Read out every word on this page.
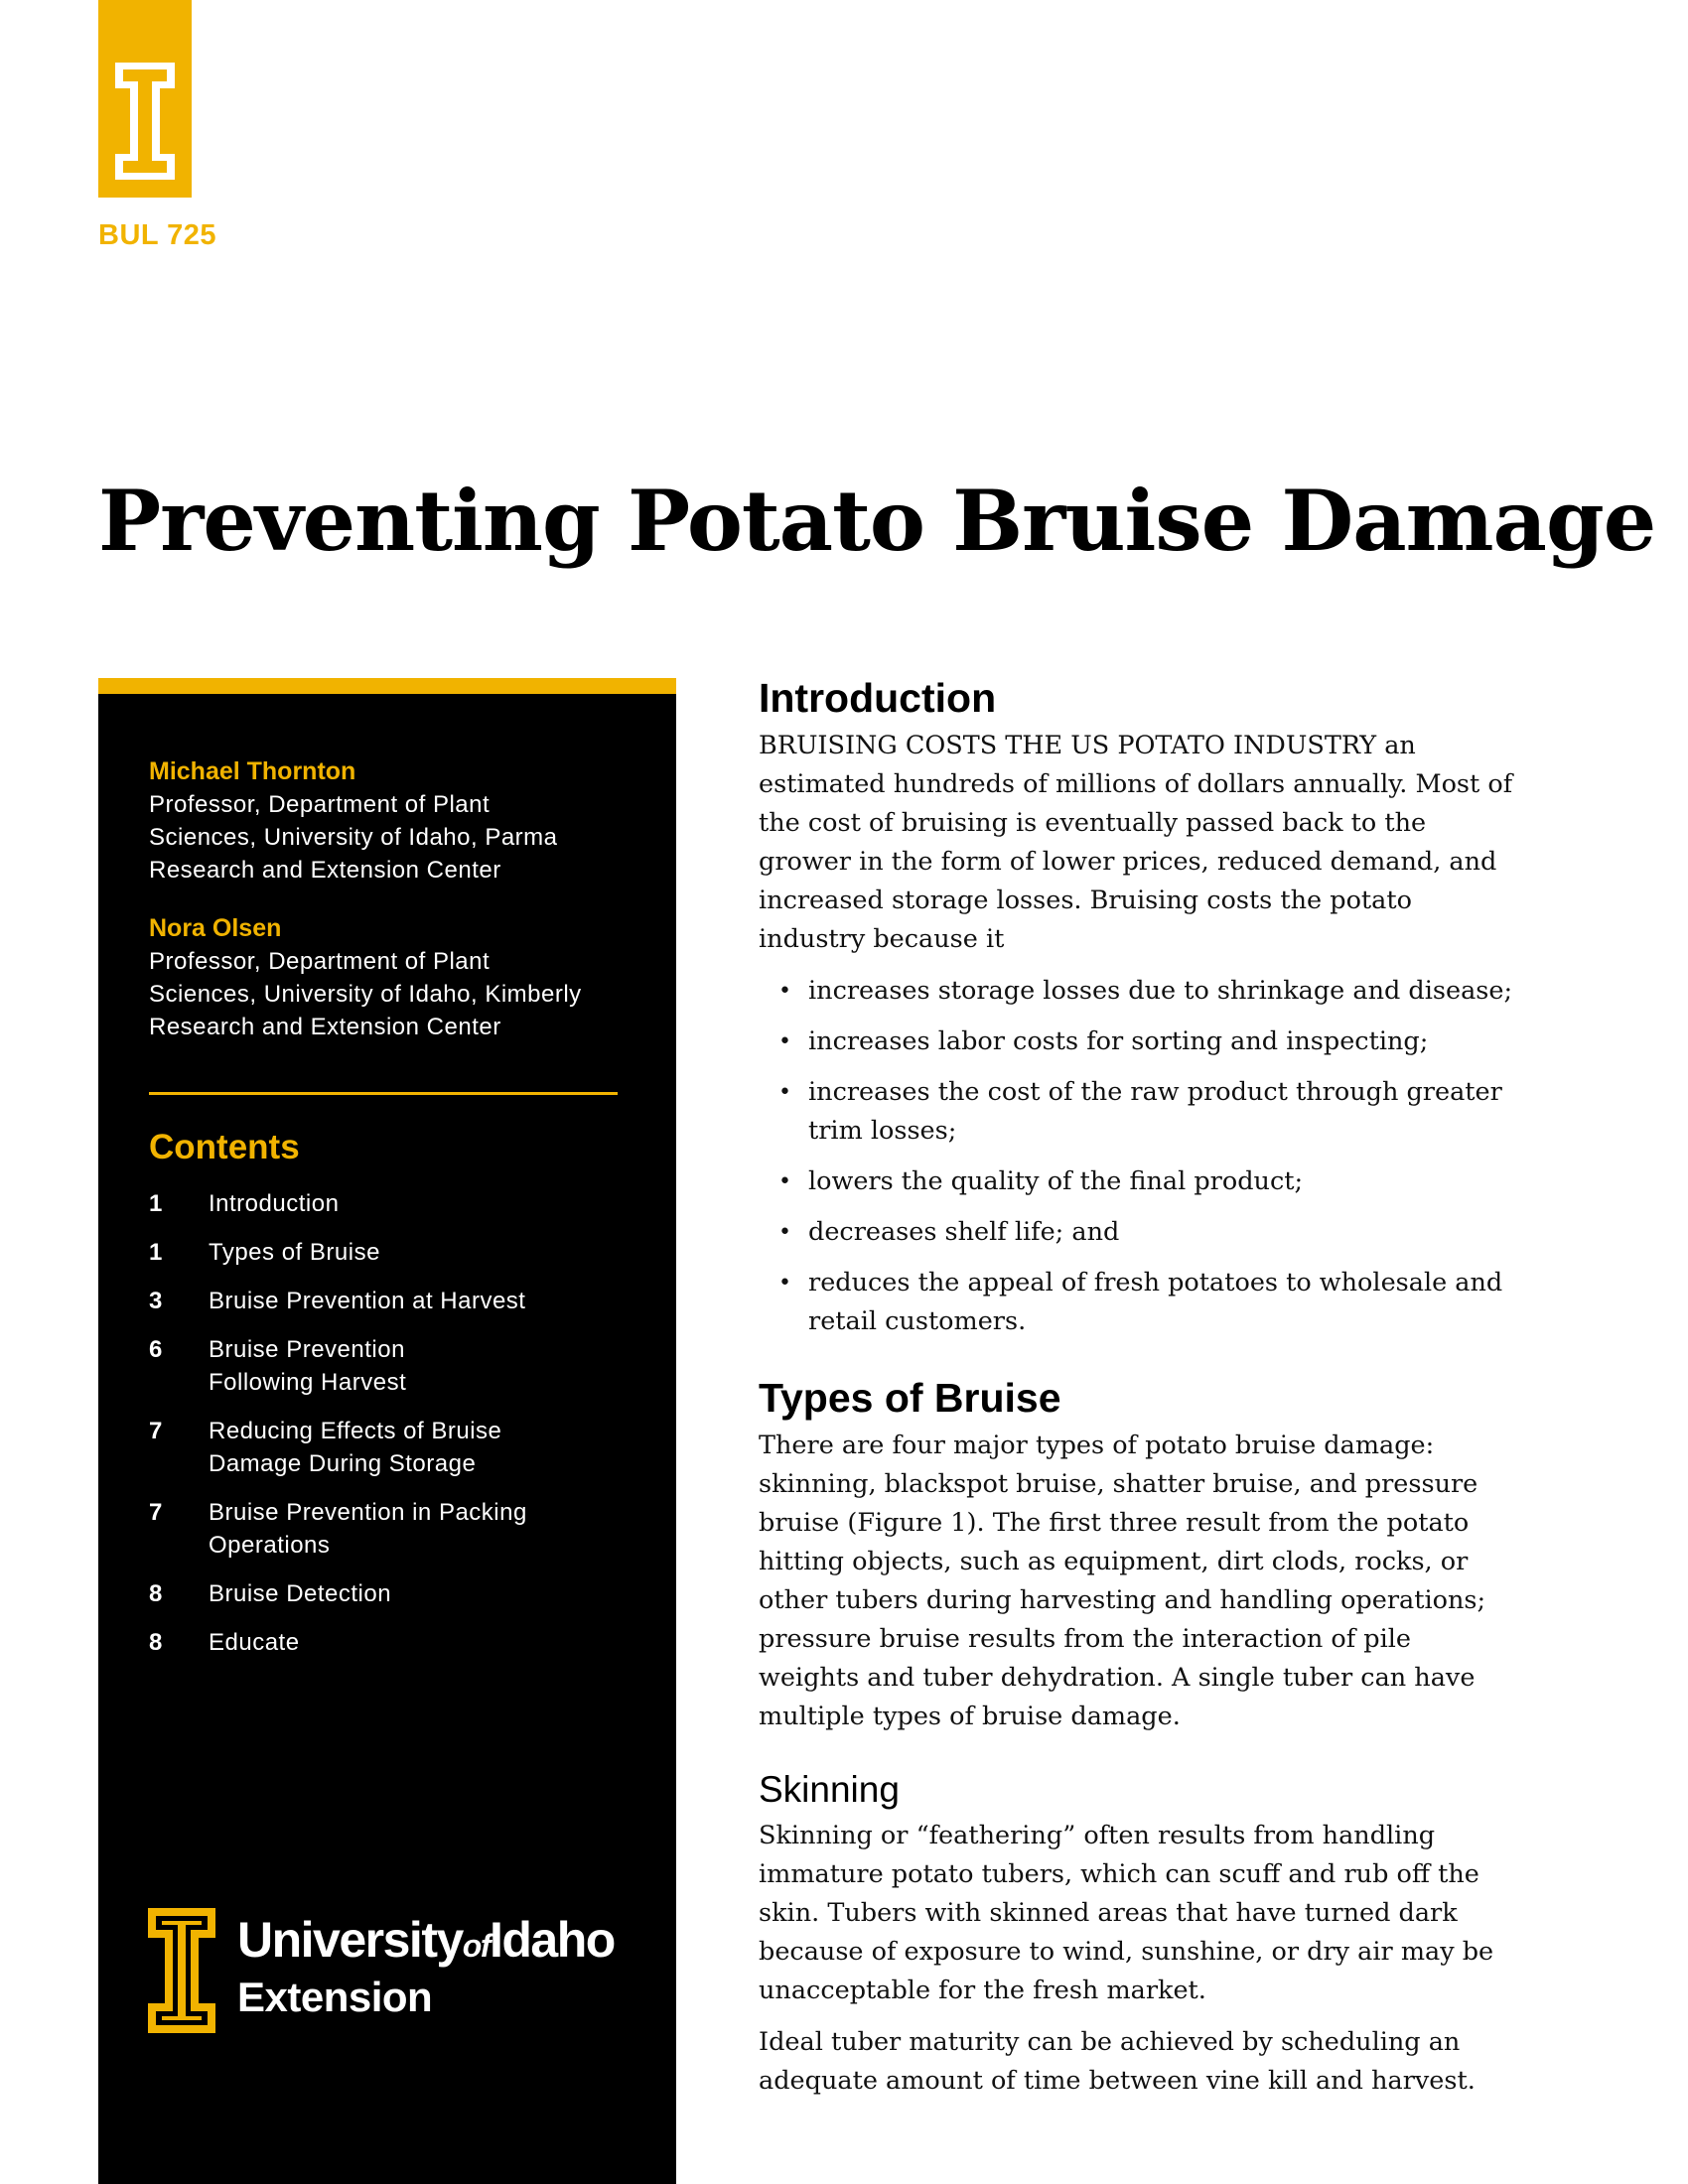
BUL 725
Preventing Potato Bruise Damage
Michael Thornton
Professor, Department of Plant
Sciences, University of Idaho, Parma
Research and Extension Center
Nora Olsen
Professor, Department of Plant
Sciences, University of Idaho, Kimberly
Research and Extension Center
Contents
1	Introduction
1	Types of Bruise
3	Bruise Prevention at Harvest
6	Bruise Prevention
Following Harvest
7	Reducing Effects of Bruise
Damage During Storage
7	Bruise Prevention in Packing
Operations
8	Bruise Detection
8	Educate
UniversityofIdaho
Extension
Introduction

BRUISING COSTS THE US POTATO INDUSTRY an estimated hundreds of millions of dollars annually. Most of the cost of bruising is eventually passed back to the grower in the form of lower prices, reduced demand, and increased storage losses. Bruising costs the potato industry because it

• increases storage losses due to shrinkage and disease;
• increases labor costs for sorting and inspecting;
• increases the cost of the raw product through greater trim losses;
• lowers the quality of the final product;
• decreases shelf life; and
• reduces the appeal of fresh potatoes to wholesale and retail customers.
Types of Bruise

There are four major types of potato bruise damage: skinning, blackspot bruise, shatter bruise, and pressure bruise (Figure 1). The first three result from the potato hitting objects, such as equipment, dirt clods, rocks, or other tubers during harvesting and handling operations; pressure bruise results from the interaction of pile weights and tuber dehydration. A single tuber can have multiple types of bruise damage.

Skinning

Skinning or “feathering” often results from handling immature potato tubers, which can scuff and rub off the skin. Tubers with skinned areas that have turned dark because of exposure to wind, sunshine, or dry air may be unacceptable for the fresh market.

Ideal tuber maturity can be achieved by scheduling an adequate amount of time between vine kill and harvest.
